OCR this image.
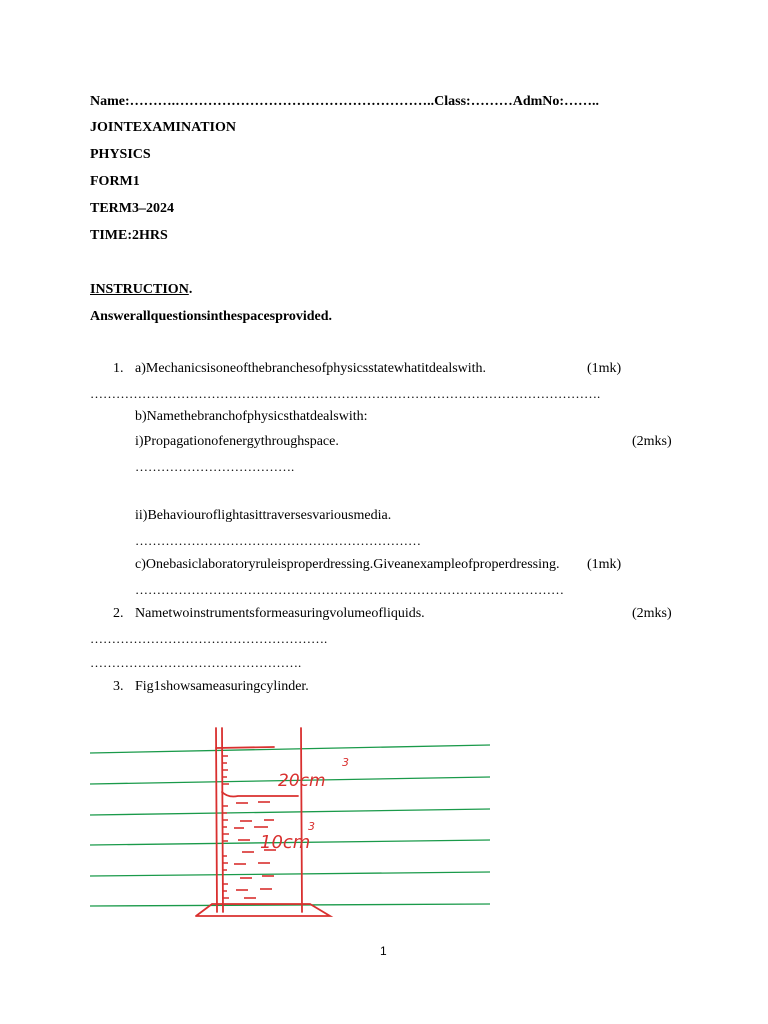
Name:……….………………………………………………..Class:………AdmNo:……..
JOINTEXAMINATION
PHYSICS
FORM1
TERM3–2024
TIME:2HRS
INSTRUCTION.
Answerallquestionsinthespacesprovided.
1. a)Mechanicsisoneofthebranchesofphysicsstatewhatitdealswith.	(1mk)
……………………………………………………………………………………………………….
b)Namethebranchofphysicsthatdealswith:
i)Propagationofenergythroughspace.	(2mks)
……………………………….
ii)Behaviouroflightasittraversesvariousmedia.
…………………………………………………………
c)Onebasiclaboratoryruleisproperdressing.Giveanexampleofproperdressing. (1mk)
………………………………………………………………………………………
2. Nametwoinstrumentsformeasuringvolumeofliquids.	(2mks)
……………………………………………….
………………………………………….
3. Fig1showsameasuringcylinder.
20cm
3
10cm
3
1
